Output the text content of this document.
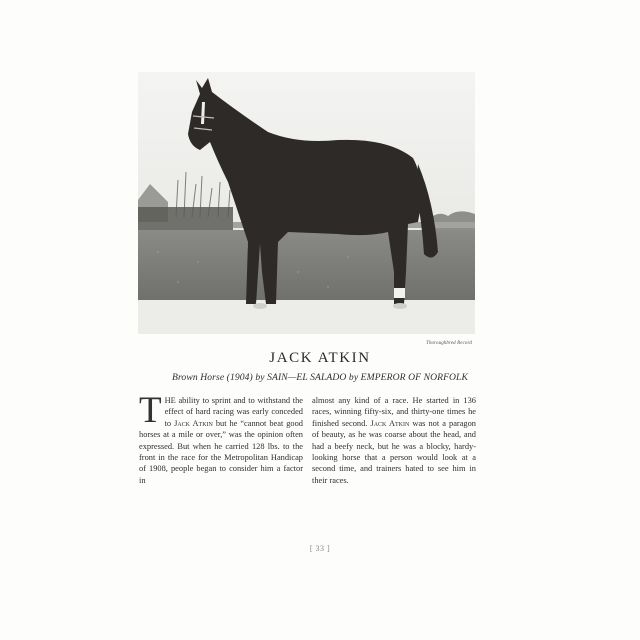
Thoroughbred Record
JACK ATKIN
Brown Horse (1904) by SAIN—EL SALADO by EMPEROR OF NORFOLK

THE ability to sprint and to withstand the effect of hard racing was early conceded to Jack Atkin but he “cannot beat good horses at a mile or over,” was the opinion often expressed. But when he carried 128 lbs. to the front in the race for the Metropolitan Handicap of 1908, people began to consider him a factor in

almost any kind of a race. He started in 136 races, winning fifty-six, and thirty-one times he finished second. Jack Atkin was not a paragon of beauty, as he was coarse about the head, and had a beefy neck, but he was a blocky, hardy-looking horse that a person would look at a second time, and trainers hated to see him in their races.

[ 33 ]
